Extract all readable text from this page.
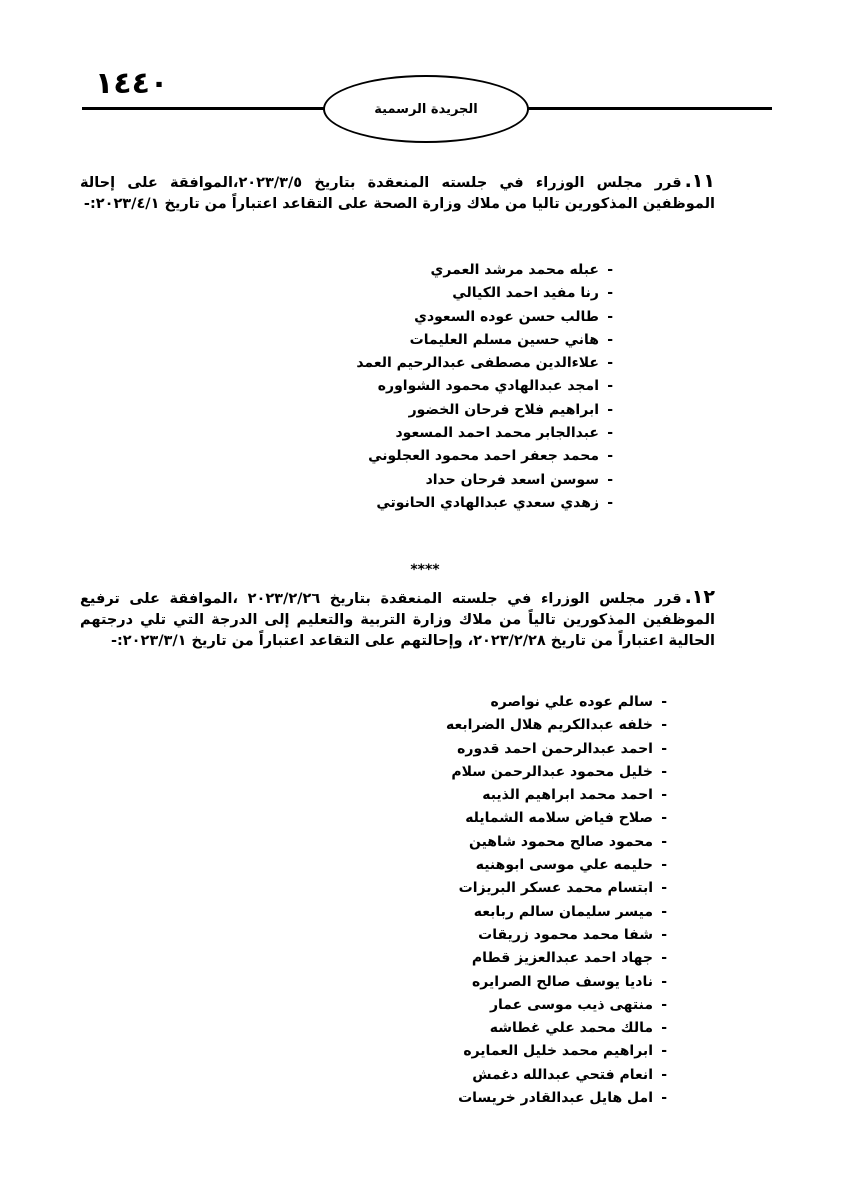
١٤٤٠
الجريدة الرسمية
١١.قرر مجلس الوزراء في جلسته المنعقدة بتاريخ ٢٠٢٣/٣/٥،الموافقة على إحالة الموظفين المذكورين تاليا من ملاك وزارة الصحة على التقاعد اعتباراً من تاريخ ٢٠٢٣/٤/١:-
-عبله محمد مرشد العمري
-رنا مفيد احمد الكيالي
-طالب حسن عوده السعودي
-هاني حسين مسلم العليمات
-علاءالدين مصطفى عبدالرحيم العمد
-امجد عبدالهادي محمود الشواوره
-ابراهيم فلاح فرحان الخضور
-عبدالجابر محمد احمد المسعود
-محمد جعفر احمد محمود العجلوني
-سوسن اسعد فرحان حداد
-زهدي سعدي عبدالهادي الحانوتي
****
١٢.قرر مجلس الوزراء في جلسته المنعقدة بتاريخ ٢٠٢٣/٢/٢٦ ،الموافقة على ترفيع الموظفين المذكورين تالياً من ملاك وزارة التربية والتعليم إلى الدرجة التي تلي درجتهم الحالية اعتباراً من تاريخ ٢٠٢٣/٢/٢٨، وإحالتهم على التقاعد اعتباراً من تاريخ ٢٠٢٣/٣/١:-
-سالم عوده علي نواصره
-خلفه عبدالكريم هلال الضرابعه
-احمد عبدالرحمن احمد قدوره
-خليل محمود عبدالرحمن سلام
-احمد محمد ابراهيم الذيبه
-صلاح فياض سلامه الشمايله
-محمود صالح محمود شاهين
-حليمه علي موسى ابوهنيه
-ابتسام محمد عسكر البريزات
-ميسر سليمان سالم ربابعه
-شفا محمد محمود زريقات
-جهاد احمد عبدالعزيز قطام
-ناديا يوسف صالح الصرايره
-منتهى ذيب موسى عمار
-مالك محمد علي غطاشه
-ابراهيم محمد خليل العمايره
-انعام فتحي عبدالله دغمش
-امل هايل عبدالقادر خريسات
